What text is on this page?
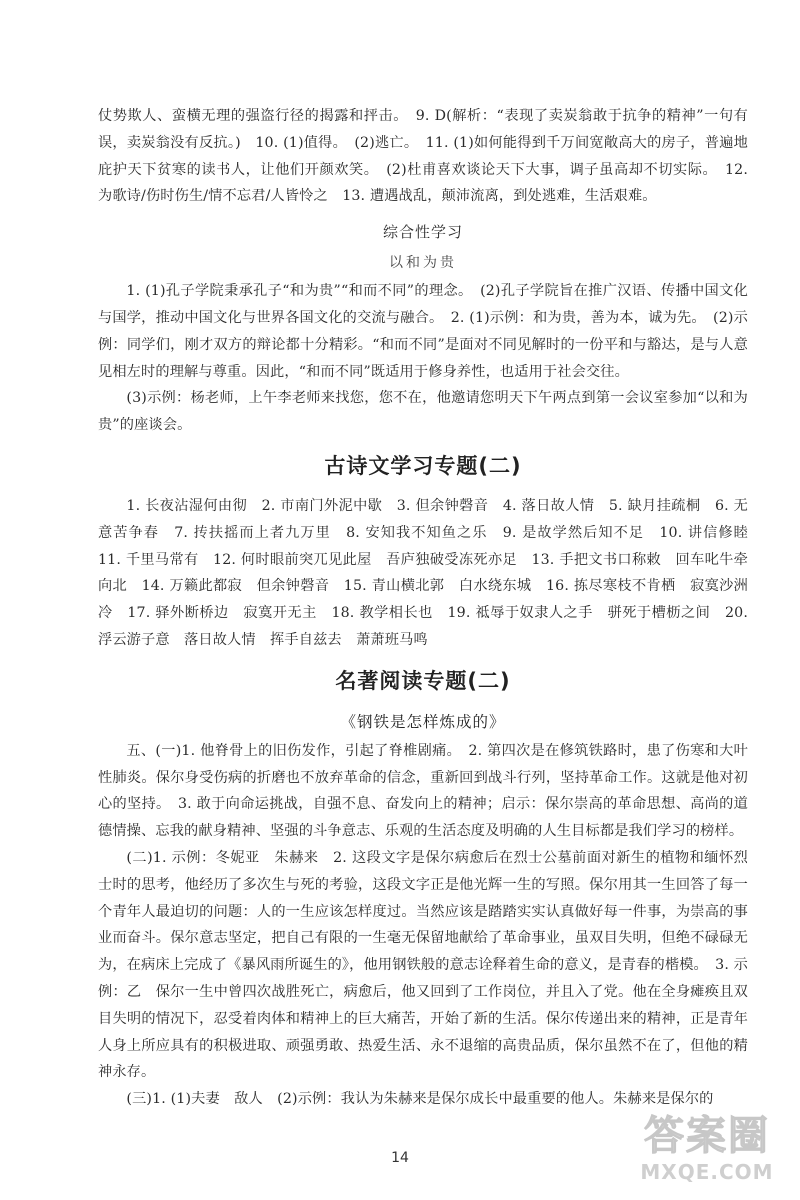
仗势欺人、蛮横无理的强盗行径的揭露和抨击。　9. D(解析：“表现了卖炭翁敢于抗争的精神”一句有误，卖炭翁没有反抗。)　10. (1)值得。　(2)逃亡。　11. (1)如何能得到千万间宽敞高大的房子，普遍地庇护天下贫寒的读书人，让他们开颜欢笑。　(2)杜甫喜欢谈论天下大事，调子虽高却不切实际。　12. 为歌诗/伤时伤生/情不忘君/人皆怜之　13. 遭遇战乱，颠沛流离，到处逃难，生活艰难。

综合性学习
以和为贵

1. (1)孔子学院秉承孔子“和为贵”“和而不同”的理念。　(2)孔子学院旨在推广汉语、传播中国文化与国学，推动中国文化与世界各国文化的交流与融合。　2. (1)示例：和为贵，善为本，诚为先。　(2)示例：同学们，刚才双方的辩论都十分精彩。“和而不同”是面对不同见解时的一份平和与豁达，是与人意见相左时的理解与尊重。因此，“和而不同”既适用于修身养性，也适用于社会交往。

(3)示例：杨老师，上午李老师来找您，您不在，他邀请您明天下午两点到第一会议室参加“以和为贵”的座谈会。

古诗文学习专题(二)

1. 长夜沾湿何由彻　2. 市南门外泥中歇　3. 但余钟磬音　4. 落日故人情　5. 缺月挂疏桐　6. 无意苦争春　7. 抟扶摇而上者九万里　8. 安知我不知鱼之乐　9. 是故学然后知不足　10. 讲信修睦　11. 千里马常有　12. 何时眼前突兀见此屋　吾庐独破受冻死亦足　13. 手把文书口称敕　回车叱牛牵向北　14. 万籁此都寂　但余钟磬音　15. 青山横北郭　白水绕东城　16. 拣尽寒枝不肯栖　寂寞沙洲冷　17. 驿外断桥边　寂寞开无主　18. 教学相长也　19. 祗辱于奴隶人之手　骈死于槽枥之间　20. 浮云游子意　落日故人情　挥手自兹去　萧萧班马鸣

名著阅读专题(二)
《钢铁是怎样炼成的》

五、(一)1. 他脊骨上的旧伤发作，引起了脊椎剧痛。　2. 第四次是在修筑铁路时，患了伤寒和大叶性肺炎。保尔身受伤病的折磨也不放弃革命的信念，重新回到战斗行列，坚持革命工作。这就是他对初心的坚持。　3. 敢于向命运挑战，自强不息、奋发向上的精神；启示：保尔崇高的革命思想、高尚的道德情操、忘我的献身精神、坚强的斗争意志、乐观的生活态度及明确的人生目标都是我们学习的榜样。

(二)1. 示例：冬妮亚　朱赫来　2. 这段文字是保尔病愈后在烈士公墓前面对新生的植物和缅怀烈士时的思考，他经历了多次生与死的考验，这段文字正是他光辉一生的写照。保尔用其一生回答了每一个青年人最迫切的问题：人的一生应该怎样度过。当然应该是踏踏实实认真做好每一件事，为崇高的事业而奋斗。保尔意志坚定，把自己有限的一生毫无保留地献给了革命事业，虽双目失明，但绝不碌碌无为，在病床上完成了《暴风雨所诞生的》，他用钢铁般的意志诠释着生命的意义，是青春的楷模。　3. 示例：乙　保尔一生中曾四次战胜死亡，病愈后，他又回到了工作岗位，并且入了党。他在全身瘫痪且双目失明的情况下，忍受着肉体和精神上的巨大痛苦，开始了新的生活。保尔传递出来的精神，正是青年人身上所应具有的积极进取、顽强勇敢、热爱生活、永不退缩的高贵品质，保尔虽然不在了，但他的精神永存。

(三)1. (1)夫妻　敌人　(2)示例：我认为朱赫来是保尔成长中最重要的他人。朱赫来是保尔的

14	答案圈
MXQE.COM
